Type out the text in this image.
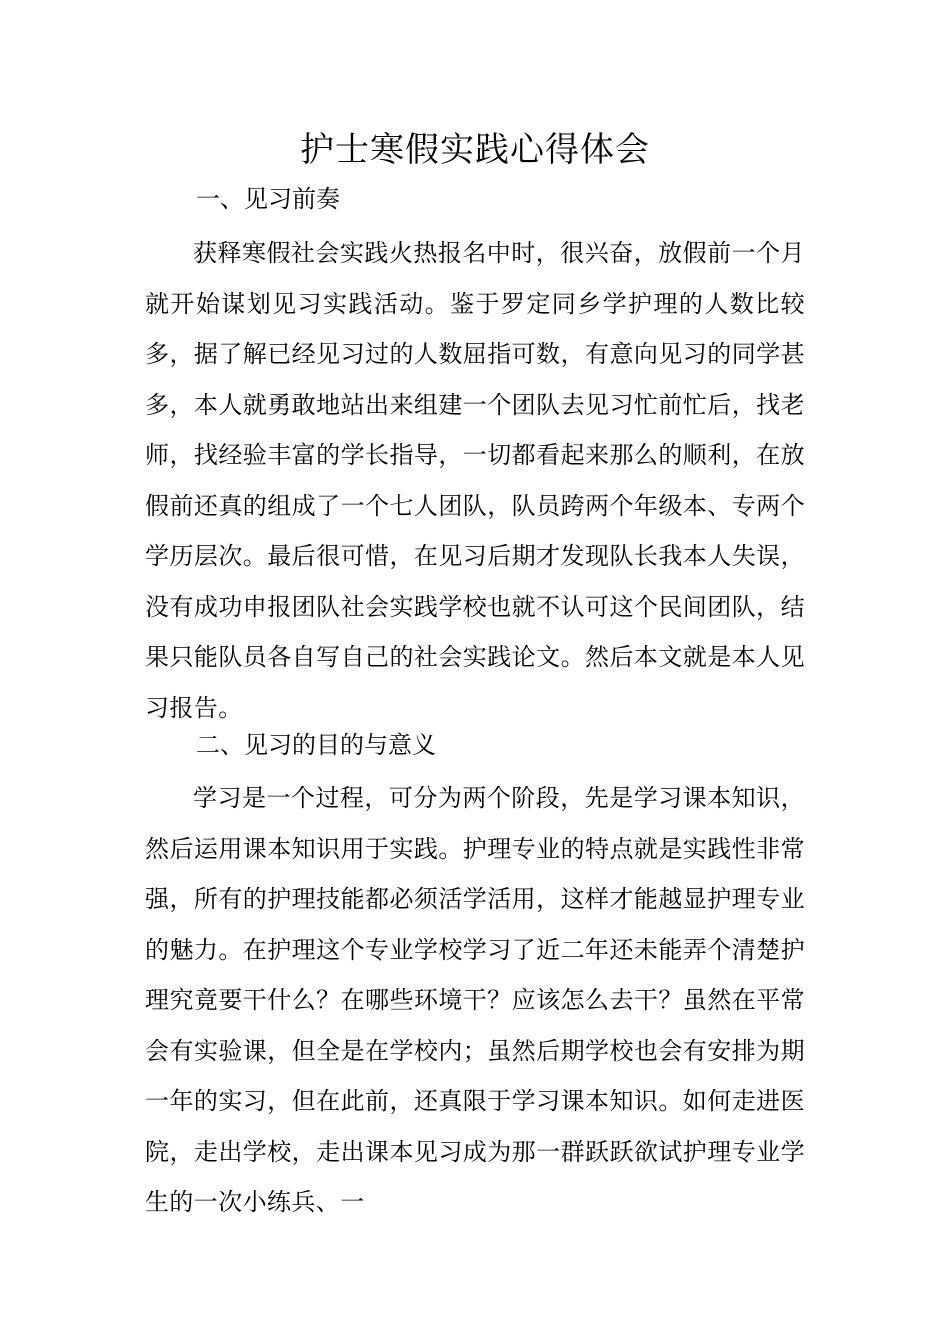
护士寒假实践心得体会

一、见习前奏

获释寒假社会实践火热报名中时，很兴奋，放假前一个月就开始谋划见习实践活动。鉴于罗定同乡学护理的人数比较多，据了解已经见习过的人数屈指可数，有意向见习的同学甚多，本人就勇敢地站出来组建一个团队去见习忙前忙后，找老师，找经验丰富的学长指导，一切都看起来那么的顺利，在放假前还真的组成了一个七人团队，队员跨两个年级本、专两个学历层次。最后很可惜，在见习后期才发现队长我本人失误，没有成功申报团队社会实践学校也就不认可这个民间团队，结果只能队员各自写自己的社会实践论文。然后本文就是本人见习报告。

二、见习的目的与意义

学习是一个过程，可分为两个阶段，先是学习课本知识，然后运用课本知识用于实践。护理专业的特点就是实践性非常强，所有的护理技能都必须活学活用，这样才能越显护理专业的魅力。在护理这个专业学校学习了近二年还未能弄个清楚护理究竟要干什么？在哪些环境干？应该怎么去干？虽然在平常会有实验课，但全是在学校内；虽然后期学校也会有安排为期一年的实习，但在此前，还真限于学习课本知识。如何走进医院，走出学校，走出课本见习成为那一群跃跃欲试护理专业学生的一次小练兵、一
